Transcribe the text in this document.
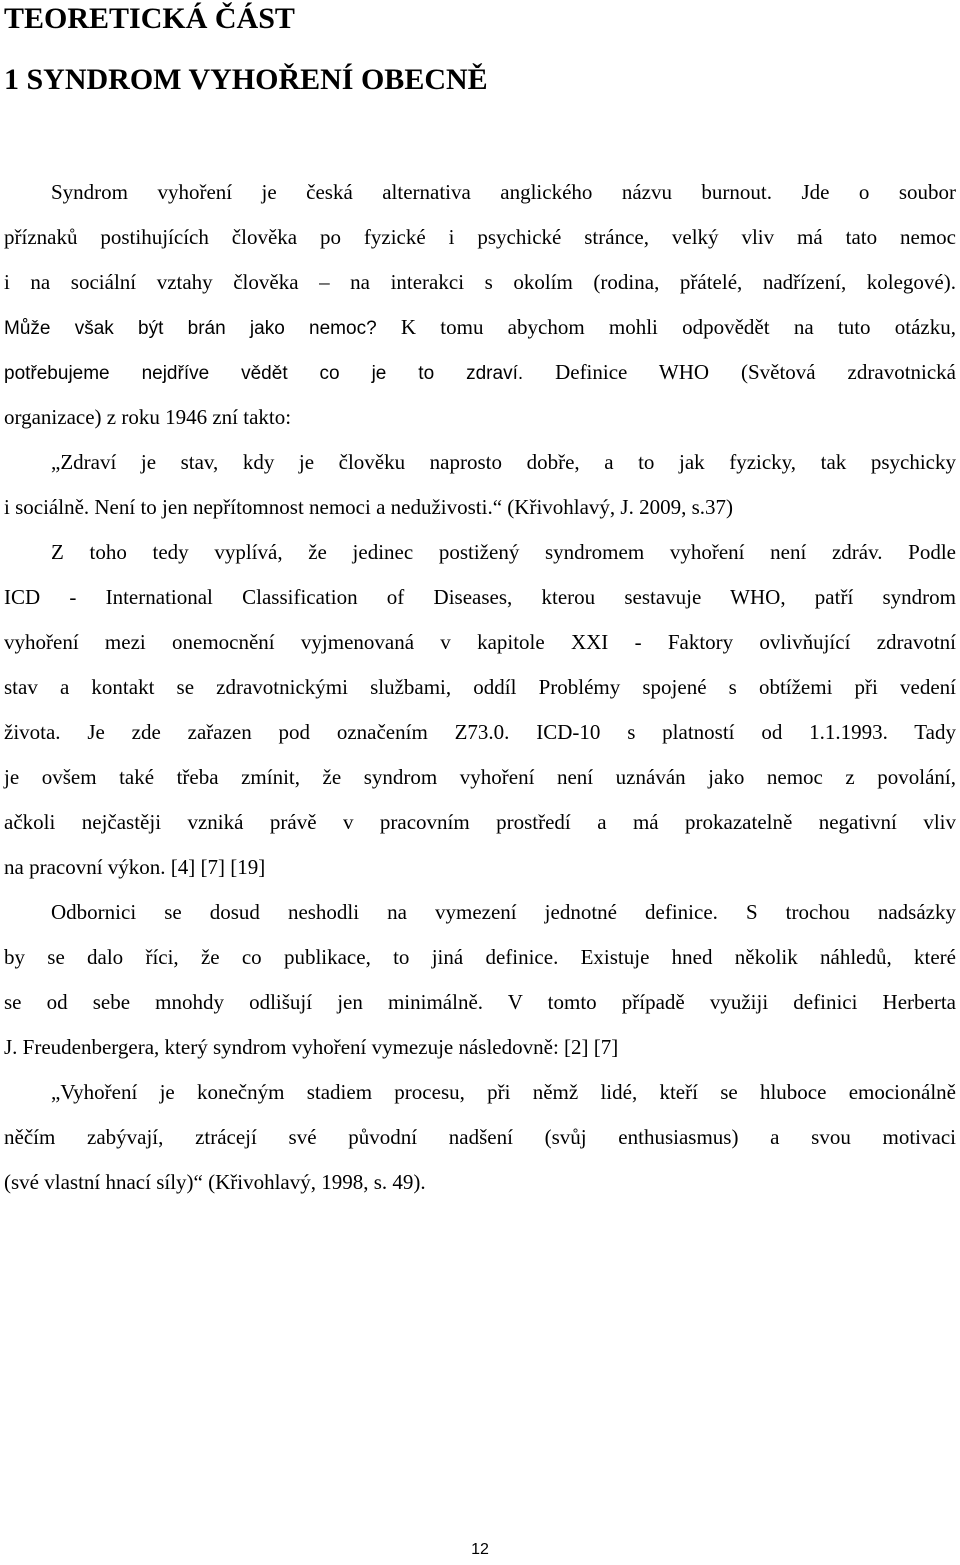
TEORETICKÁ ČÁST
1 SYNDROM VYHOŘENÍ OBECNĚ
Syndrom vyhoření je česká alternativa anglického názvu burnout. Jde o soubor
příznaků postihujících člověka po fyzické i psychické stránce, velký vliv má tato nemoc
i na sociální vztahy člověka – na interakci s okolím (rodina, přátelé, nadřízení, kolegové).
Může však být brán jako nemoc? K tomu abychom mohli odpovědět na tuto otázku,
potřebujeme nejdříve vědět co je to zdraví. Definice WHO (Světová zdravotnická
organizace) z roku 1946 zní takto:
„Zdraví je stav, kdy je člověku naprosto dobře, a to jak fyzicky, tak psychicky
i sociálně. Není to jen nepřítomnost nemoci a neduživosti.“ (Křivohlavý, J. 2009, s.37)
Z toho tedy vyplívá, že jedinec postižený syndromem vyhoření není zdráv. Podle
ICD - International Classification of Diseases, kterou sestavuje WHO, patří syndrom
vyhoření mezi onemocnění vyjmenovaná v kapitole XXI - Faktory ovlivňující zdravotní
stav a kontakt se zdravotnickými službami, oddíl Problémy spojené s obtížemi při vedení
života. Je zde zařazen pod označením Z73.0. ICD-10 s platností od 1.1.1993. Tady
je ovšem také třeba zmínit, že syndrom vyhoření není uznáván jako nemoc z povolání,
ačkoli nejčastěji vzniká právě v pracovním prostředí a má prokazatelně negativní vliv
na pracovní výkon. [4] [7] [19]
Odbornici se dosud neshodli na vymezení jednotné definice. S trochou nadsázky
by se dalo říci, že co publikace, to jiná definice. Existuje hned několik náhledů, které
se od sebe mnohdy odlišují jen minimálně. V tomto případě využiji definici Herberta
J. Freudenbergera, který syndrom vyhoření vymezuje následovně: [2] [7]
„Vyhoření je konečným stadiem procesu, při němž lidé, kteří se hluboce emocionálně
něčím zabývají, ztrácejí své původní nadšení (svůj enthusiasmus) a svou motivaci
(své vlastní hnací síly)“ (Křivohlavý, 1998, s. 49).
12
